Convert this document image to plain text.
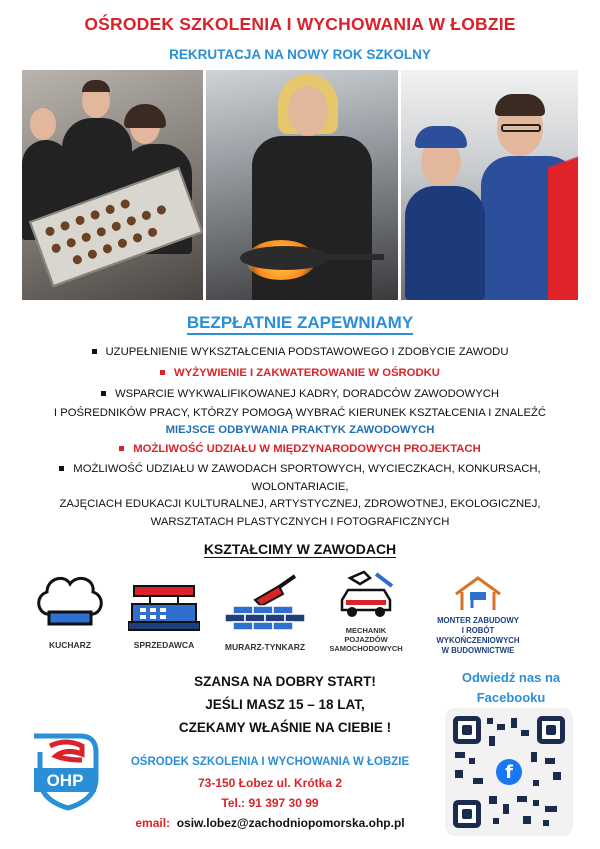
OŚRODEK SZKOLENIA I WYCHOWANIA W ŁOBZIE
REKRUTACJA NA NOWY ROK SZKOLNY
BEZPŁATNIE ZAPEWNIAMY
UZUPEŁNIENIE WYKSZTAŁCENIA PODSTAWOWEGO I ZDOBYCIE ZAWODU
WYŻYWIENIE I ZAKWATEROWANIE W OŚRODKU
WSPARCIE WYKWALIFIKOWANEJ KADRY, DORADCÓW ZAWODOWYCH
I POŚREDNIKÓW PRACY, KTÓRZY POMOGĄ WYBRAĆ KIERUNEK KSZTAŁCENIA I ZNALEŹĆ
MIEJSCE ODBYWANIA PRAKTYK ZAWODOWYCH
MOŻLIWOŚĆ UDZIAŁU W MIĘDZYNARODOWYCH PROJEKTACH
MOŻLIWOŚĆ UDZIAŁU W ZAWODACH SPORTOWYCH, WYCIECZKACH, KONKURSACH,
WOLONTARIACIE,
ZAJĘCIACH EDUKACJI KULTURALNEJ, ARTYSTYCZNEJ, ZDROWOTNEJ, EKOLOGICZNEJ,
WARSZTATACH PLASTYCZNYCH I FOTOGRAFICZNYCH
KSZTAŁCIMY W ZAWODACH
KUCHARZ	SPRZEDAWCA	MURARZ-TYNKARZ
MECHANIK
POJAZDÓW
SAMOCHODOWYCH
MONTER ZABUDOWY
I ROBÓT
WYKOŃCZENIOWYCH
W BUDOWNICTWIE
SZANSA NA DOBRY START!
JEŚLI MASZ 15 – 18 LAT,
CZEKAMY WŁAŚNIE NA CIEBIE !
Odwiedź nas na
Facebooku
f
OŚRODEK SZKOLENIA I WYCHOWANIA W ŁOBZIE
73-150 Łobez ul. Krótka 2
Tel.: 91 397 30 99
email: osiw.lobez@zachodniopomorska.ohp.pl
OHP
